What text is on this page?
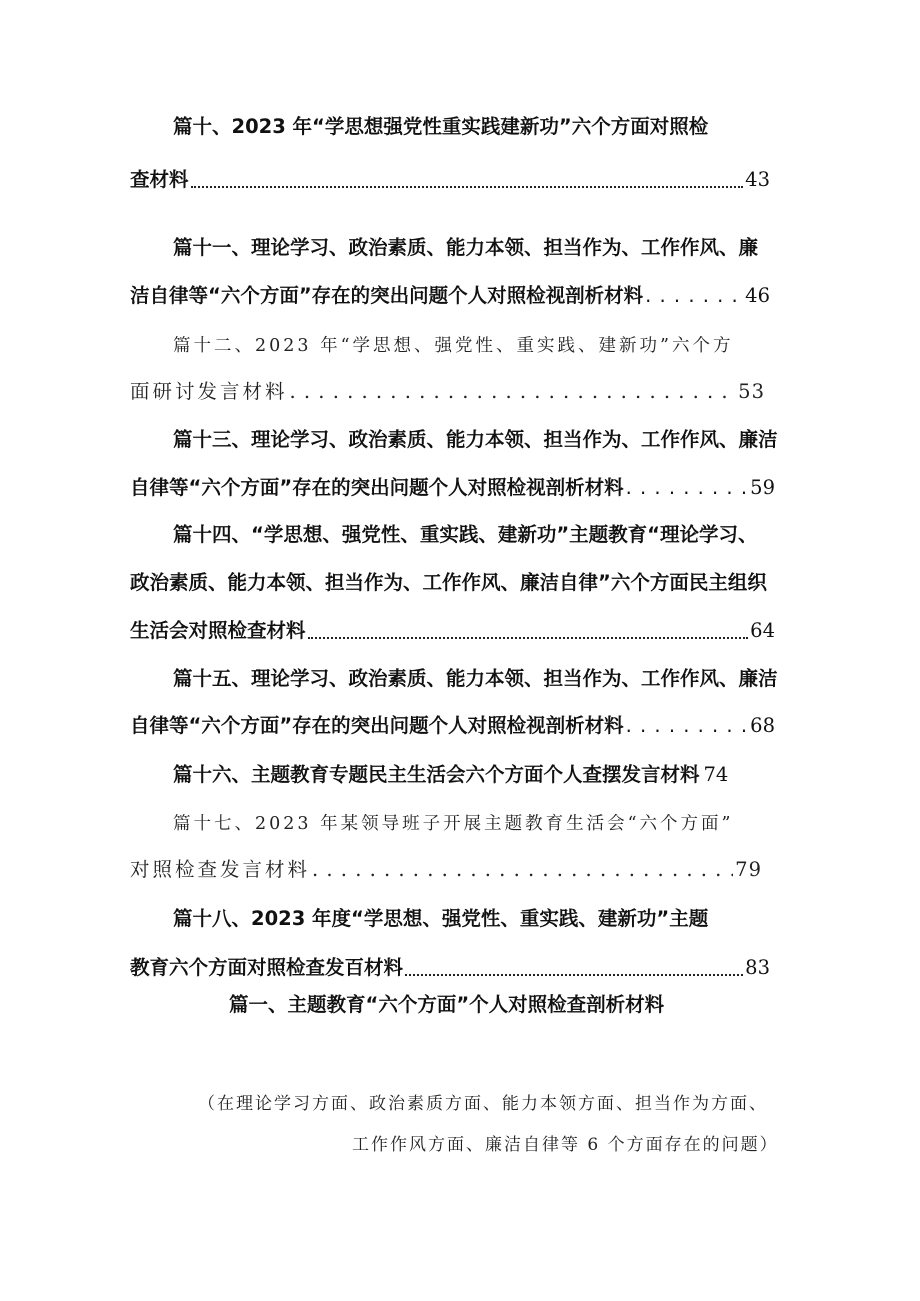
篇十、2023 年“学思想强党性重实践建新功”六个方面对照检
查材料	43
篇十一、理论学习、政治素质、能力本领、担当作为、工作作风、廉
洁自律等“六个方面”存在的突出问题个人对照检视剖析材料 . . .	46
篇十二、2023 年“学思想、强党性、重实践、建新功”六个方
面研讨发言材料 . . .	53
篇十三、理论学习、政治素质、能力本领、担当作为、工作作风、廉洁
自律等“六个方面”存在的突出问题个人对照检视剖析材料 . . .	59
篇十四、“学思想、强党性、重实践、建新功”主题教育“理论学习、
政治素质、能力本领、担当作为、工作作风、廉洁自律”六个方面民主组织
生活会对照检查材料	64
篇十五、理论学习、政治素质、能力本领、担当作为、工作作风、廉洁
自律等“六个方面”存在的突出问题个人对照检视剖析材料 . . .	68
篇十六、主题教育专题民主生活会六个方面个人查摆发言材料 74
篇十七、2023 年某领导班子开展主题教育生活会“六个方面”
对照检查发言材料 . . .	79
篇十八、2023 年度“学思想、强党性、重实践、建新功”主题
教育六个方面对照检查发百材料	83
篇一、主题教育“六个方面”个人对照检查剖析材料
（在理论学习方面、政治素质方面、能力本领方面、担当作为方面、
工作作风方面、廉洁自律等 6 个方面存在的问题）
